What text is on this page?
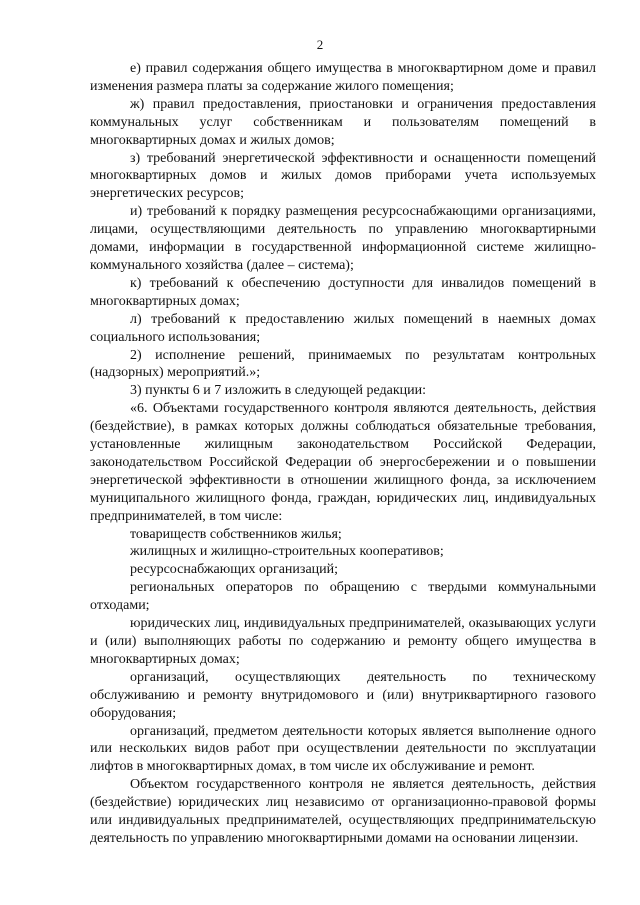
2

е) правил содержания общего имущества в многоквартирном доме и правил изменения размера платы за содержание жилого помещения;

ж) правил предоставления, приостановки и ограничения предоставления коммунальных услуг собственникам и пользователям помещений в многоквартирных домах и жилых домов;

з) требований энергетической эффективности и оснащенности помещений многоквартирных домов и жилых домов приборами учета используемых энергетических ресурсов;

и) требований к порядку размещения ресурсоснабжающими организациями, лицами, осуществляющими деятельность по управлению многоквартирными домами, информации в государственной информационной системе жилищно-коммунального хозяйства (далее – система);

к) требований к обеспечению доступности для инвалидов помещений в многоквартирных домах;

л) требований к предоставлению жилых помещений в наемных домах социального использования;

2) исполнение решений, принимаемых по результатам контрольных (надзорных) мероприятий.»;

3) пункты 6 и 7 изложить в следующей редакции:

«6. Объектами государственного контроля являются деятельность, действия (бездействие), в рамках которых должны соблюдаться обязательные требования, установленные жилищным законодательством Российской Федерации, законодательством Российской Федерации об энергосбережении и о повышении энергетической эффективности в отношении жилищного фонда, за исключением муниципального жилищного фонда, граждан, юридических лиц, индивидуальных предпринимателей, в том числе:

товариществ собственников жилья;

жилищных и жилищно-строительных кооперативов;

ресурсоснабжающих организаций;

региональных операторов по обращению с твердыми коммунальными отходами;

юридических лиц, индивидуальных предпринимателей, оказывающих услуги и (или) выполняющих работы по содержанию и ремонту общего имущества в многоквартирных домах;

организаций, осуществляющих деятельность по техническому обслуживанию и ремонту внутридомового и (или) внутриквартирного газового оборудования;

организаций, предметом деятельности которых является выполнение одного или нескольких видов работ при осуществлении деятельности по эксплуатации лифтов в многоквартирных домах, в том числе их обслуживание и ремонт.

Объектом государственного контроля не является деятельность, действия (бездействие) юридических лиц независимо от организационно-правовой формы или индивидуальных предпринимателей, осуществляющих предпринимательскую деятельность по управлению многоквартирными домами на основании лицензии.
